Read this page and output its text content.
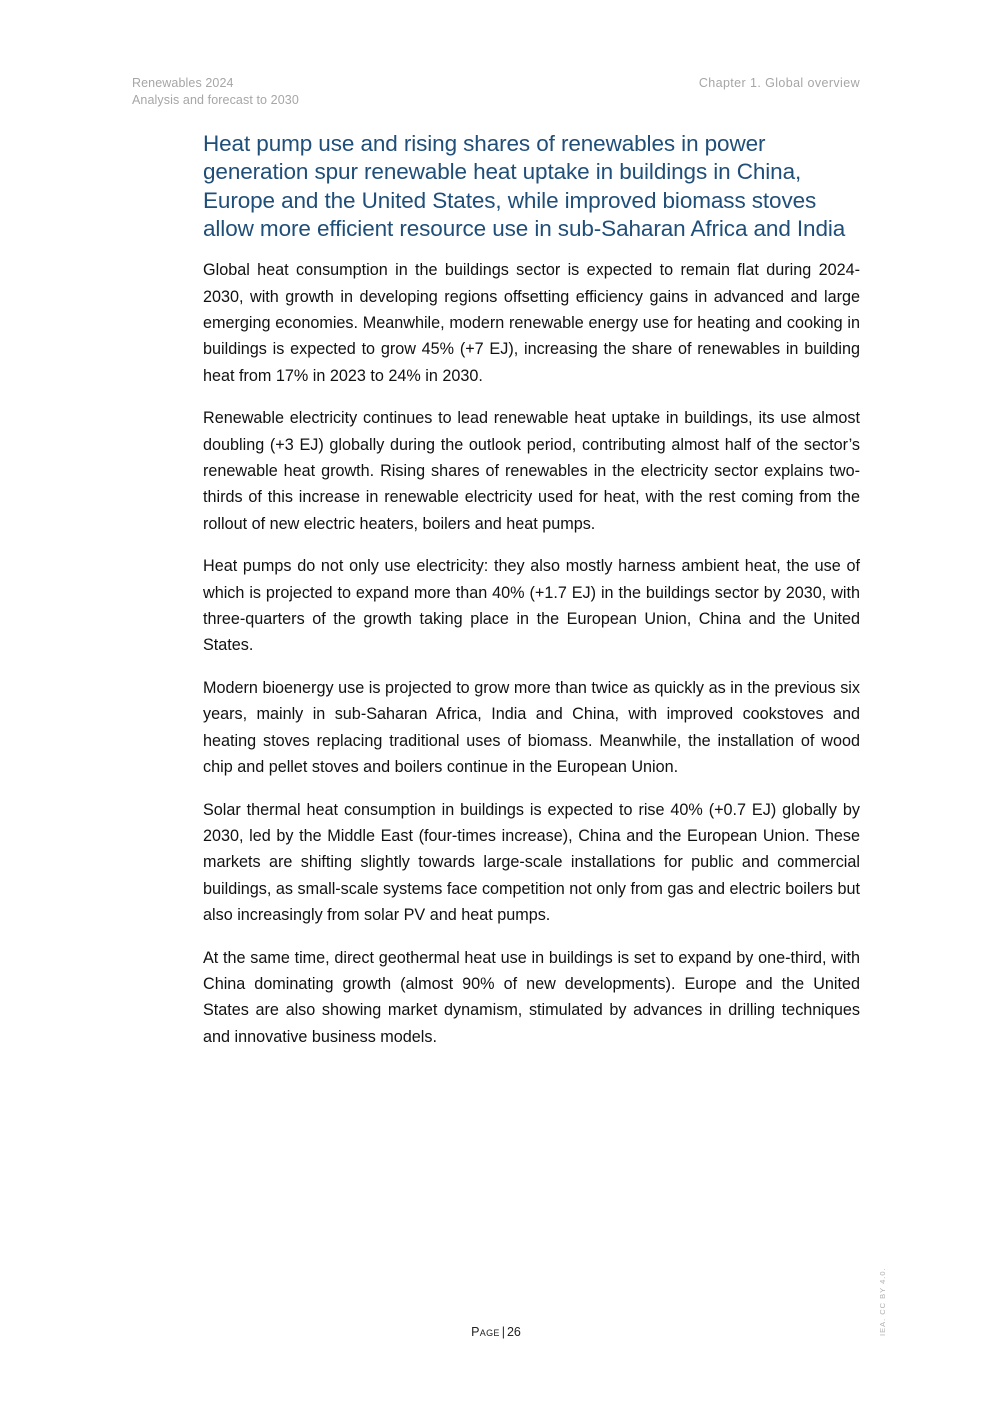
Renewables 2024
Analysis and forecast to 2030
Chapter 1. Global overview
Heat pump use and rising shares of renewables in power generation spur renewable heat uptake in buildings in China, Europe and the United States, while improved biomass stoves allow more efficient resource use in sub-Saharan Africa and India

Global heat consumption in the buildings sector is expected to remain flat during 2024-2030, with growth in developing regions offsetting efficiency gains in advanced and large emerging economies. Meanwhile, modern renewable energy use for heating and cooking in buildings is expected to grow 45% (+7 EJ), increasing the share of renewables in building heat from 17% in 2023 to 24% in 2030.

Renewable electricity continues to lead renewable heat uptake in buildings, its use almost doubling (+3 EJ) globally during the outlook period, contributing almost half of the sector’s renewable heat growth. Rising shares of renewables in the electricity sector explains two-thirds of this increase in renewable electricity used for heat, with the rest coming from the rollout of new electric heaters, boilers and heat pumps.

Heat pumps do not only use electricity: they also mostly harness ambient heat, the use of which is projected to expand more than 40% (+1.7 EJ) in the buildings sector by 2030, with three-quarters of the growth taking place in the European Union, China and the United States.

Modern bioenergy use is projected to grow more than twice as quickly as in the previous six years, mainly in sub-Saharan Africa, India and China, with improved cookstoves and heating stoves replacing traditional uses of biomass. Meanwhile, the installation of wood chip and pellet stoves and boilers continue in the European Union.

Solar thermal heat consumption in buildings is expected to rise 40% (+0.7 EJ) globally by 2030, led by the Middle East (four-times increase), China and the European Union. These markets are shifting slightly towards large-scale installations for public and commercial buildings, as small-scale systems face competition not only from gas and electric boilers but also increasingly from solar PV and heat pumps.

At the same time, direct geothermal heat use in buildings is set to expand by one-third, with China dominating growth (almost 90% of new developments). Europe and the United States are also showing market dynamism, stimulated by advances in drilling techniques and innovative business models.

Page | 26	IEA. CC BY 4.0.
